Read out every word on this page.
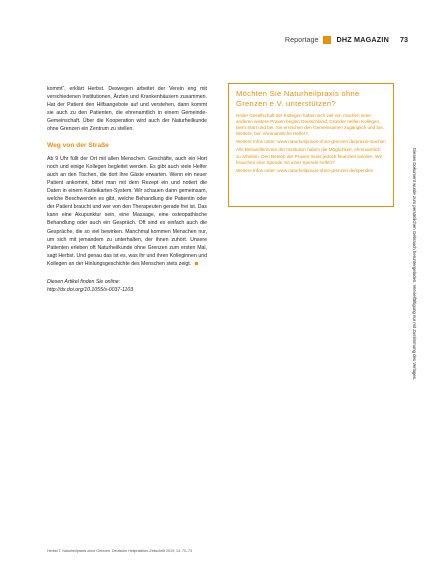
Reportage	DHZ MAGAZIN 73

kommt“, erklärt Herbst. Deswegen arbeitet der Verein eng mit verschiedenen Institutionen, Ärzten und Krankenhäusern zusammen. Hat der Patient den Hilfsangebote auf und verstehen, dann kommt sie auch zu den Patienten, die ehrenamtlich in einem Gemeinde-Gemeinschaft. Über die Kooperation wird auch der Naturheilkunde ohne Grenzen ein Zentrum zu stellen.

Weg von der Straße

Ab 9 Uhr füllt der Ort mit allen Menschen. Geschäfte, auch ein Hort noch und einige Kollegen begleitet werden. Es gibt auch viele Helfer auch an den Tischen, die dort ihre Gäste erwarten. Wenn ein neuer Patient ankommt, bittet man mit dem Rezept ein und notiert die Daten in einem Karteikarten-System. Wir schauen dann gemeinsam, welche Beschwerden es gibt, welche Behandlung die Patientin oder der Patient braucht und wer von den Therapeuten gerade frei ist. Das kann eine Akupunktur sein, eine Massage, eine osteopathische Behandlung oder auch ein Gespräch. Oft sind es einfach auch die Gespräche, die so viel bewirken. Manchmal kommen Menschen nur, um sich mit jemandem zu unterhalten, der ihnen zuhört. Unsere Patienten erleben oft Naturheilkunde ohne Grenzen zum ersten Mal, sagt Herbst. Und genau das ist es, was ihr und ihren Kolleginnen und Kollegen an der Hinlungsgeschichte des Menschen stets zeigt.

Diesen Artikel finden Sie online:
http://dx.doi.org/10.1055/s-0037-1103

Möchten Sie Naturheilpraxis ohne Grenzen e.V. unterstützen?

Heiler Gesellschaft der Kollegen haben sich viel vor, machen einer anderen weitere Praxen beginn Deutschland, Gründer helfen Kollegen, beim Start und bei. Sie erreichen den Gemeinsamen zugänglich und bei. Weitere, bei: ehrenamtliche Helfer?

Weitere Infos unter: www.naturheilpraxis-ohne-grenzen.de/praxis-machen

Alle Behandlerinnen der Institution haben die Möglichkeit, ehrenamtlich zu arbeiten. Den Betrieb der Praxen muss jedoch finanziert werden. Wir brauchen eine Spende mit einer Spende helfen?

Weitere Infos unter: www.naturheilpraxis-ohne-grenzen.de/spenden	Dieses Dokument wurde zum persönlichen Gebrauch heruntergeladen. Vervielfältigung nur mit Zustimmung des Verlages.
Herbst T. Naturheilpraxis ohne Grenzen. Deutsche Heilpraktiker-Zeitschrift 2019; 14: 70–73
